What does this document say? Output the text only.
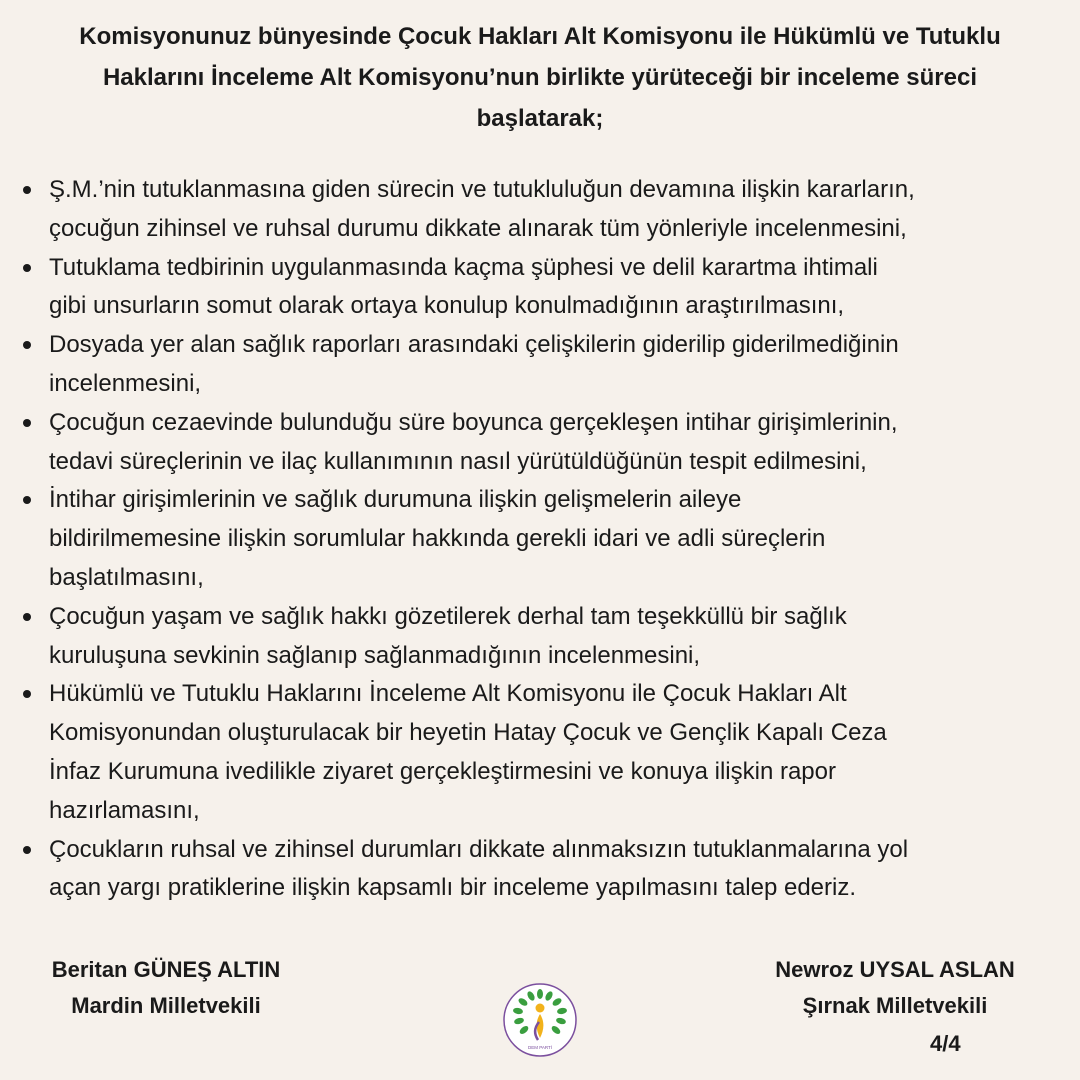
Komisyonunuz bünyesinde Çocuk Hakları Alt Komisyonu ile Hükümlü ve Tutuklu
Haklarını İnceleme Alt Komisyonu’nun birlikte yürüteceği bir inceleme süreci
başlatarak;
Ş.M.’nin tutuklanmasına giden sürecin ve tutukluluğun devamına ilişkin kararların,
çocuğun zihinsel ve ruhsal durumu dikkate alınarak tüm yönleriyle incelenmesini,
Tutuklama tedbirinin uygulanmasında kaçma şüphesi ve delil karartma ihtimali
gibi unsurların somut olarak ortaya konulup konulmadığının araştırılmasını,
Dosyada yer alan sağlık raporları arasındaki çelişkilerin giderilip giderilmediğinin
incelenmesini,
Çocuğun cezaevinde bulunduğu süre boyunca gerçekleşen intihar girişimlerinin,
tedavi süreçlerinin ve ilaç kullanımının nasıl yürütüldüğünün tespit edilmesini,
İntihar girişimlerinin ve sağlık durumuna ilişkin gelişmelerin aileye
bildirilmemesine ilişkin sorumlular hakkında gerekli idari ve adli süreçlerin
başlatılmasını,
Çocuğun yaşam ve sağlık hakkı gözetilerek derhal tam teşekküllü bir sağlık
kuruluşuna sevkinin sağlanıp sağlanmadığının incelenmesini,
Hükümlü ve Tutuklu Haklarını İnceleme Alt Komisyonu ile Çocuk Hakları Alt
Komisyonundan oluşturulacak bir heyetin Hatay Çocuk ve Gençlik Kapalı Ceza
İnfaz Kurumuna ivedilikle ziyaret gerçekleştirmesini ve konuya ilişkin rapor
hazırlamasını,
Çocukların ruhsal ve zihinsel durumları dikkate alınmaksızın tutuklanmalarına yol
açan yargı pratiklerine ilişkin kapsamlı bir inceleme yapılmasını talep ederiz.
Beritan GÜNEŞ ALTIN
Mardin Milletvekili
Newroz UYSAL ASLAN
Şırnak Milletvekili
4/4
DEM PARTİ
